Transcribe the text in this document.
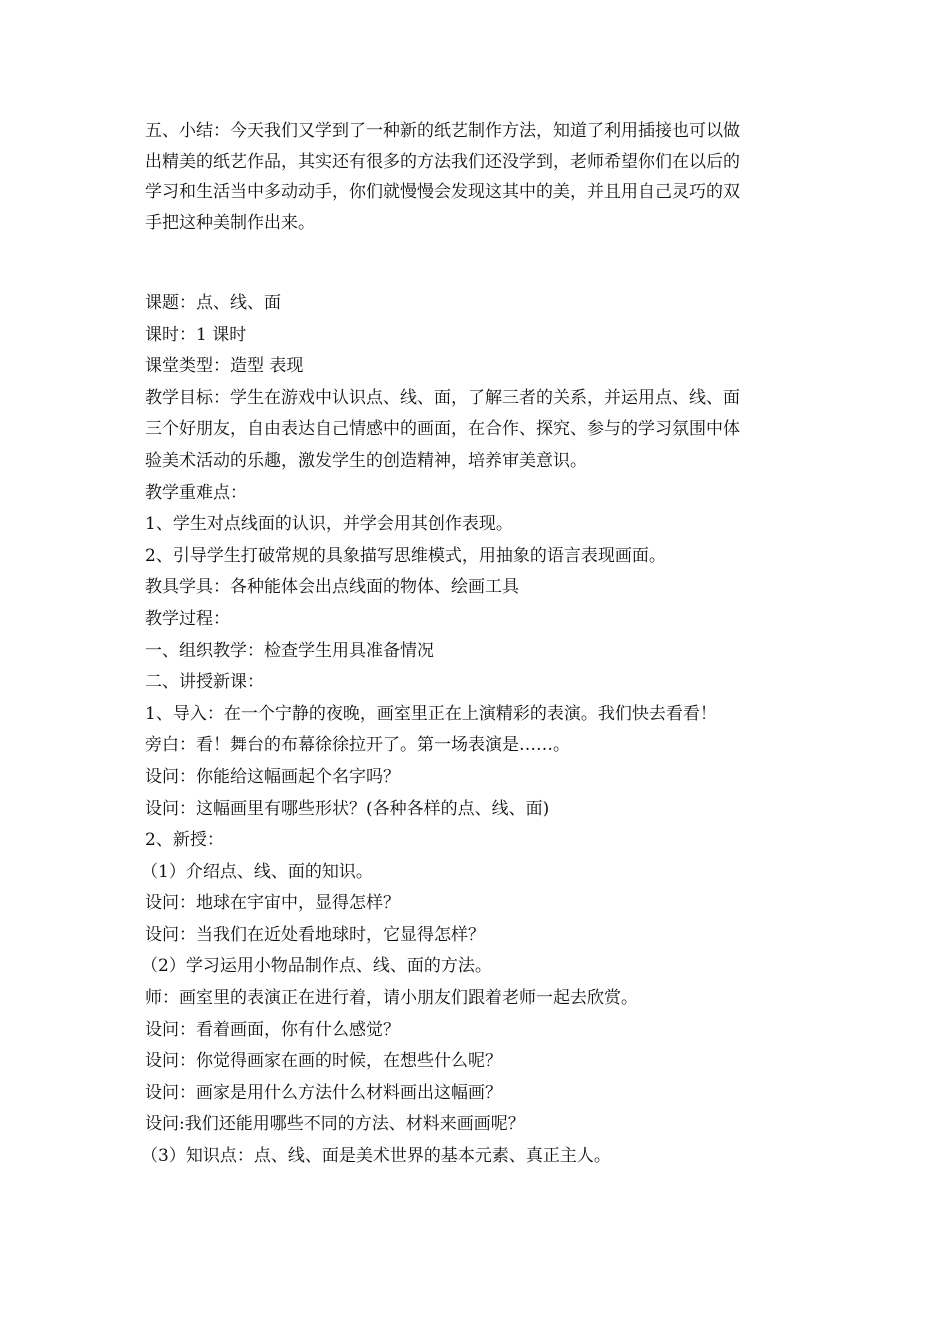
五、小结：今天我们又学到了一种新的纸艺制作方法，知道了利用插接也可以做

出精美的纸艺作品，其实还有很多的方法我们还没学到，老师希望你们在以后的

学习和生活当中多动动手，你们就慢慢会发现这其中的美，并且用自己灵巧的双

手把这种美制作出来。

课题：点、线、面

课时：1 课时

课堂类型：造型 表现

教学目标：学生在游戏中认识点、线、面，了解三者的关系，并运用点、线、面

三个好朋友，自由表达自己情感中的画面，在合作、探究、参与的学习氛围中体

验美术活动的乐趣，激发学生的创造精神，培养审美意识。

教学重难点：

1、学生对点线面的认识，并学会用其创作表现。

2、引导学生打破常规的具象描写思维模式，用抽象的语言表现画面。

教具学具：各种能体会出点线面的物体、绘画工具

教学过程：

一、组织教学：检查学生用具准备情况

二、讲授新课：

1、导入：在一个宁静的夜晚，画室里正在上演精彩的表演。我们快去看看！

旁白：看！舞台的布幕徐徐拉开了。第一场表演是……。

设问：你能给这幅画起个名字吗？

设问：这幅画里有哪些形状？(各种各样的点、线、面)

2、新授：

（1）介绍点、线、面的知识。

设问：地球在宇宙中，显得怎样？

设问：当我们在近处看地球时，它显得怎样？

（2）学习运用小物品制作点、线、面的方法。

师：画室里的表演正在进行着，请小朋友们跟着老师一起去欣赏。

设问：看着画面，你有什么感觉？

设问：你觉得画家在画的时候，在想些什么呢？

设问：画家是用什么方法什么材料画出这幅画？

设问:我们还能用哪些不同的方法、材料来画画呢？

（3）知识点：点、线、面是美术世界的基本元素、真正主人。
